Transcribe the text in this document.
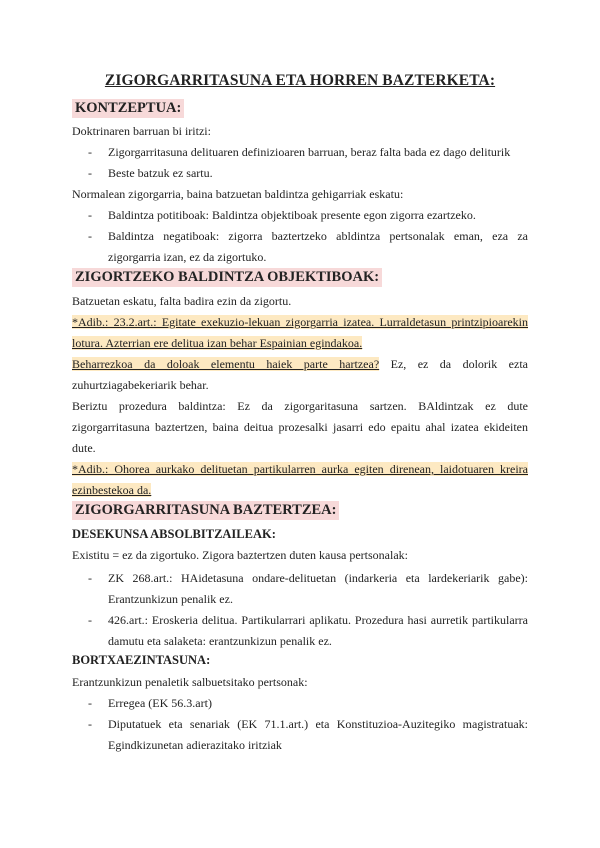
ZIGORGARRITASUNA ETA HORREN BAZTERKETA:
KONTZEPTUA:
Doktrinaren barruan bi iritzi:
- Zigorgarritasuna delituaren definizioaren barruan, beraz falta bada ez dago deliturik
- Beste batzuk ez sartu.
Normalean zigorgarria, baina batzuetan baldintza gehigarriak eskatu:
- Baldintza potitiboak: Baldintza objektiboak presente egon zigorra ezartzeko.
- Baldintza negatiboak: zigorra baztertzeko abldintza pertsonalak eman, eza za
zigorgarria izan, ez da zigortuko.
ZIGORTZEKO BALDINTZA OBJEKTIBOAK:
Batzuetan eskatu, falta badira ezin da zigortu.
*Adib.: 23.2.art.: Egitate exekuzio-lekuan zigorgarria izatea. Lurraldetasun printzipioarekin
lotura. Azterrian ere delitua izan behar Espainian egindakoa.
Beharrezkoa da doloak elementu haiek parte hartzea? Ez, ez da dolorik ezta
zuhurtziagabekeriarik behar.
Beriztu prozedura baldintza: Ez da zigorgaritasuna sartzen. BAldintzak ez dute
zigorgarritasuna baztertzen, baina deitua prozesalki jasarri edo epaitu ahal izatea ekideiten
dute.
*Adib.: Ohorea aurkako delituetan partikularren aurka egiten direnean, laidotuaren kreira
ezinbestekoa da.
ZIGORGARRITASUNA BAZTERTZEA:
DESEKUNSA ABSOLBITZAILEAK:
Existitu = ez da zigortuko. Zigora baztertzen duten kausa pertsonalak:
- ZK 268.art.: HAidetasuna ondare-delituetan (indarkeria eta lardekeriarik gabe):
Erantzunkizun penalik ez.
- 426.art.: Eroskeria delitua. Partikularrari aplikatu. Prozedura hasi aurretik partikularra
damutu eta salaketa: erantzunkizun penalik ez.
BORTXAEZINTASUNA:
Erantzunkizun penaletik salbuetsitako pertsonak:
- Erregea (EK 56.3.art)
- Diputatuek eta senariak (EK 71.1.art.) eta Konstituzioa-Auzitegiko magistratuak:
Egindkizunetan adierazitako iritziak
